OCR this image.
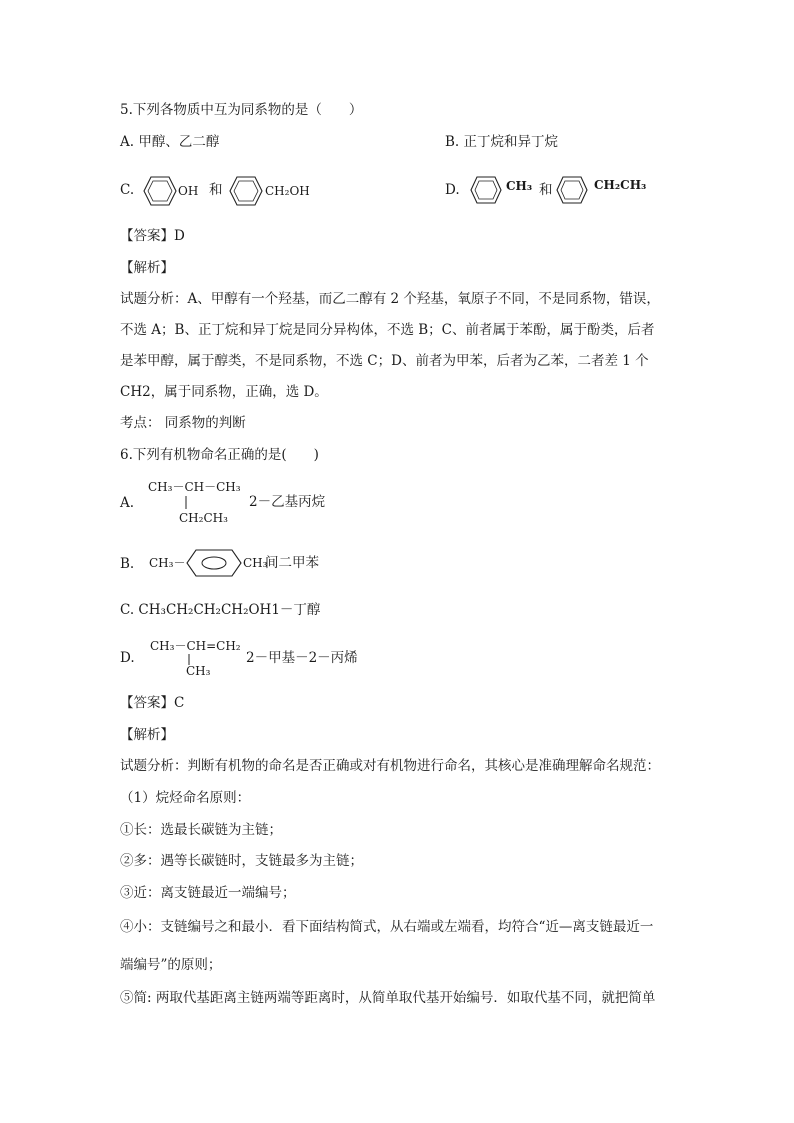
5.下列各物质中互为同系物的是（　　）
A. 甲醇、乙二醇	B. 正丁烷和异丁烷
C.	OH 和	CH₂OH	D.	CH₃ 和	CH₂CH₃
【答案】D
【解析】
试题分析：A、甲醇有一个羟基，而乙二醇有 2 个羟基，氧原子不同，不是同系物，错误，
不选 A；B、正丁烷和异丁烷是同分异构体，不选 B；C、前者属于苯酚，属于酚类，后者
是苯甲醇，属于醇类，不是同系物，不选 C；D、前者为甲苯，后者为乙苯，二者差 1 个
CH2，属于同系物，正确，选 D。
考点： 同系物的判断
6.下列有机物命名正确的是(　　)
A.
CH₃－CH－CH₃
CH₂CH₃
2－乙基丙烷
B. CH₃－	CH₃
间二甲苯
C. CH₃CH₂CH₂CH₂OH1－丁醇
D.
CH₃－CH=CH₂
CH₃
2－甲基－2－丙烯
【答案】C
【解析】
试题分析：判断有机物的命名是否正确或对有机物进行命名，其核心是准确理解命名规范：
（1）烷烃命名原则：
①长：选最长碳链为主链；
②多：遇等长碳链时，支链最多为主链；
③近：离支链最近一端编号；
④小：支链编号之和最小．看下面结构简式，从右端或左端看，均符合“近—离支链最近一
端编号”的原则；
⑤简: 两取代基距离主链两端等距离时，从简单取代基开始编号．如取代基不同，就把简单
